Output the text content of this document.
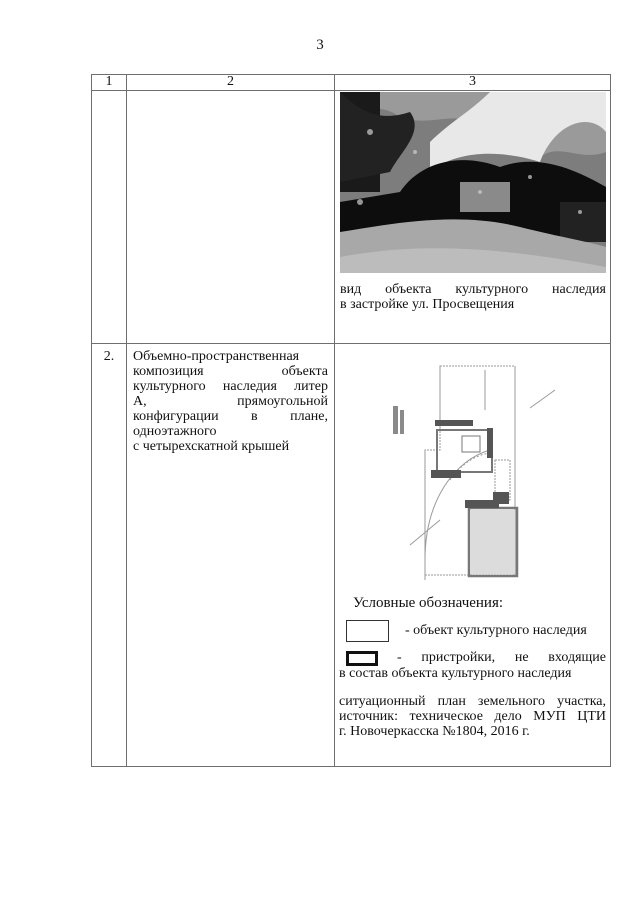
3
1	2	3

		вид объекта культурного наследия
в застройке ул. Просвещения

2.	Объемно-пространственная
композиция объекта
культурного наследия литер
А, прямоугольной
конфигурации в плане,
одноэтажного
с четырехскатной крышей

Условные обозначения:
- объект культурного наследия
- пристройки, не входящие
в состав объекта культурного наследия
ситуационный план земельного участка,
источник: техническое дело МУП ЦТИ
г. Новочеркасска №1804, 2016 г.
